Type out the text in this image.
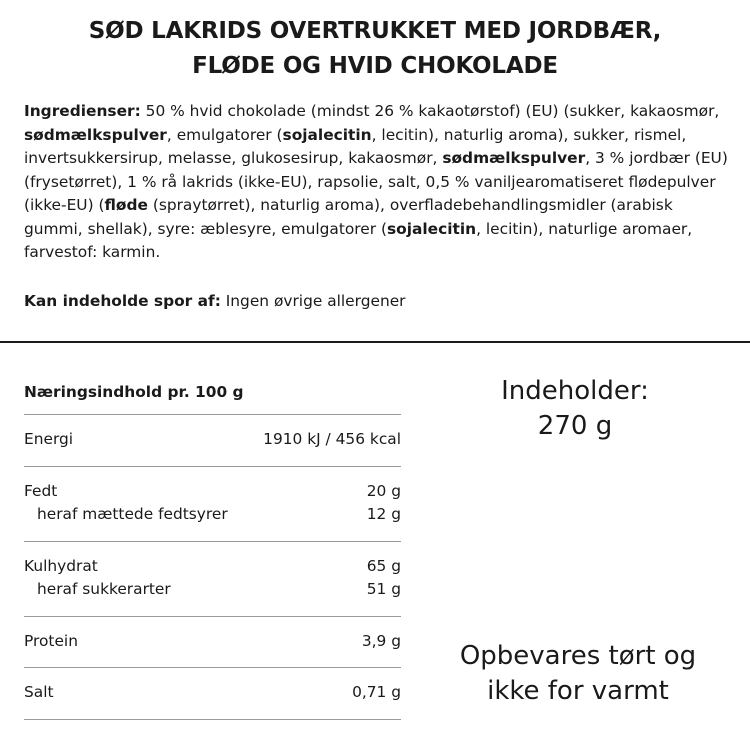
SØD LAKRIDS OVERTRUKKET MED JORDBÆR,
FLØDE OG HVID CHOKOLADE
Ingredienser: 50 % hvid chokolade (mindst 26 % kakaotørstof) (EU) (sukker, kakaosmør, sødmælkspulver, emulgatorer (sojalecitin, lecitin), naturlig aroma), sukker, rismel, invertsukkersirup, melasse, glukosesirup, kakaosmør, sødmælkspulver, 3 % jordbær (EU) (frysetørret), 1 % rå lakrids (ikke-EU), rapsolie, salt, 0,5 % vaniljearomatiseret flødepulver (ikke-EU) (fløde (spraytørret), naturlig aroma), overfladebehandlingsmidler (arabisk gummi, shellak), syre: æblesyre, emulgatorer (sojalecitin, lecitin), naturlige aromaer, farvestof: karmin.
Kan indeholde spor af: Ingen øvrige allergener
Næringsindhold pr. 100 g
Energi	1910 kJ / 456 kcal
Fedt	20 g
heraf mættede fedtsyrer	12 g
Kulhydrat	65 g
heraf sukkerarter	51 g
Protein	3,9 g
Salt	0,71 g
Indeholder:
270 g
Opbevares tørt og
ikke for varmt
